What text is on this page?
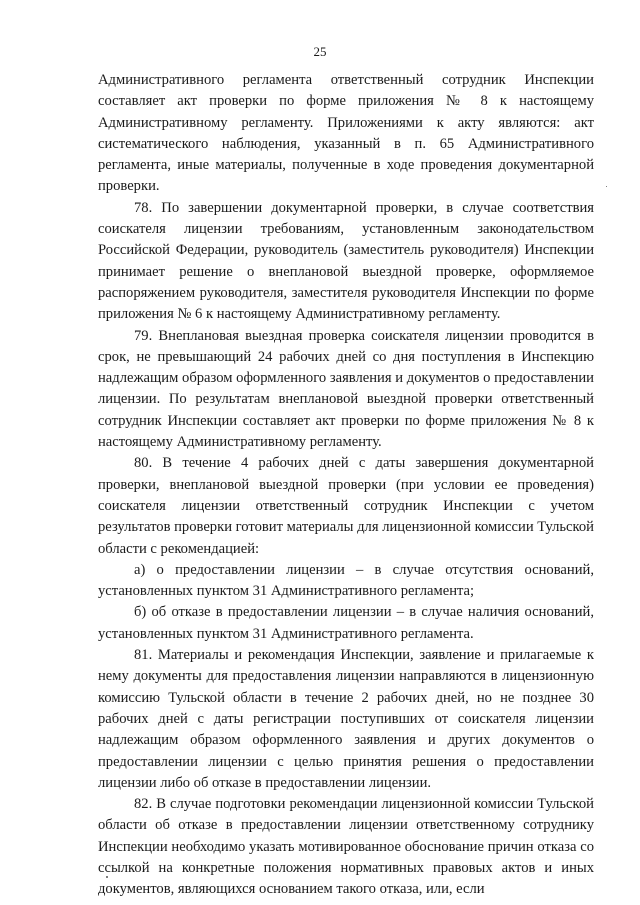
25

Административного регламента ответственный сотрудник Инспекции составляет акт проверки по форме приложения № 8 к настоящему Административному регламенту. Приложениями к акту являются: акт систематического наблюдения, указанный в п. 65 Административного регламента, иные материалы, полученные в ходе проведения документарной проверки.

78. По завершении документарной проверки, в случае соответствия соискателя лицензии требованиям, установленным законодательством Российской Федерации, руководитель (заместитель руководителя) Инспекции принимает решение о внеплановой выездной проверке, оформляемое распоряжением руководителя, заместителя руководителя Инспекции по форме приложения № 6 к настоящему Административному регламенту.

79. Внеплановая выездная проверка соискателя лицензии проводится в срок, не превышающий 24 рабочих дней со дня поступления в Инспекцию надлежащим образом оформленного заявления и документов о предоставлении лицензии. По результатам внеплановой выездной проверки ответственный сотрудник Инспекции составляет акт проверки по форме приложения № 8 к настоящему Административному регламенту.

80. В течение 4 рабочих дней с даты завершения документарной проверки, внеплановой выездной проверки (при условии ее проведения) соискателя лицензии ответственный сотрудник Инспекции с учетом результатов проверки готовит материалы для лицензионной комиссии Тульской области с рекомендацией:

а) о предоставлении лицензии – в случае отсутствия оснований, установленных пунктом 31 Административного регламента;

б) об отказе в предоставлении лицензии – в случае наличия оснований, установленных пунктом 31 Административного регламента.

81. Материалы и рекомендация Инспекции, заявление и прилагаемые к нему документы для предоставления лицензии направляются в лицензионную комиссию Тульской области в течение 2 рабочих дней, но не позднее 30 рабочих дней с даты регистрации поступивших от соискателя лицензии надлежащим образом оформленного заявления и других документов о предоставлении лицензии с целью принятия решения о предоставлении лицензии либо об отказе в предоставлении лицензии.

82. В случае подготовки рекомендации лицензионной комиссии Тульской области об отказе в предоставлении лицензии ответственному сотруднику Инспекции необходимо указать мотивированное обоснование причин отказа со ссылкой на конкретные положения нормативных правовых актов и иных документов, являющихся основанием такого отказа, или, если
